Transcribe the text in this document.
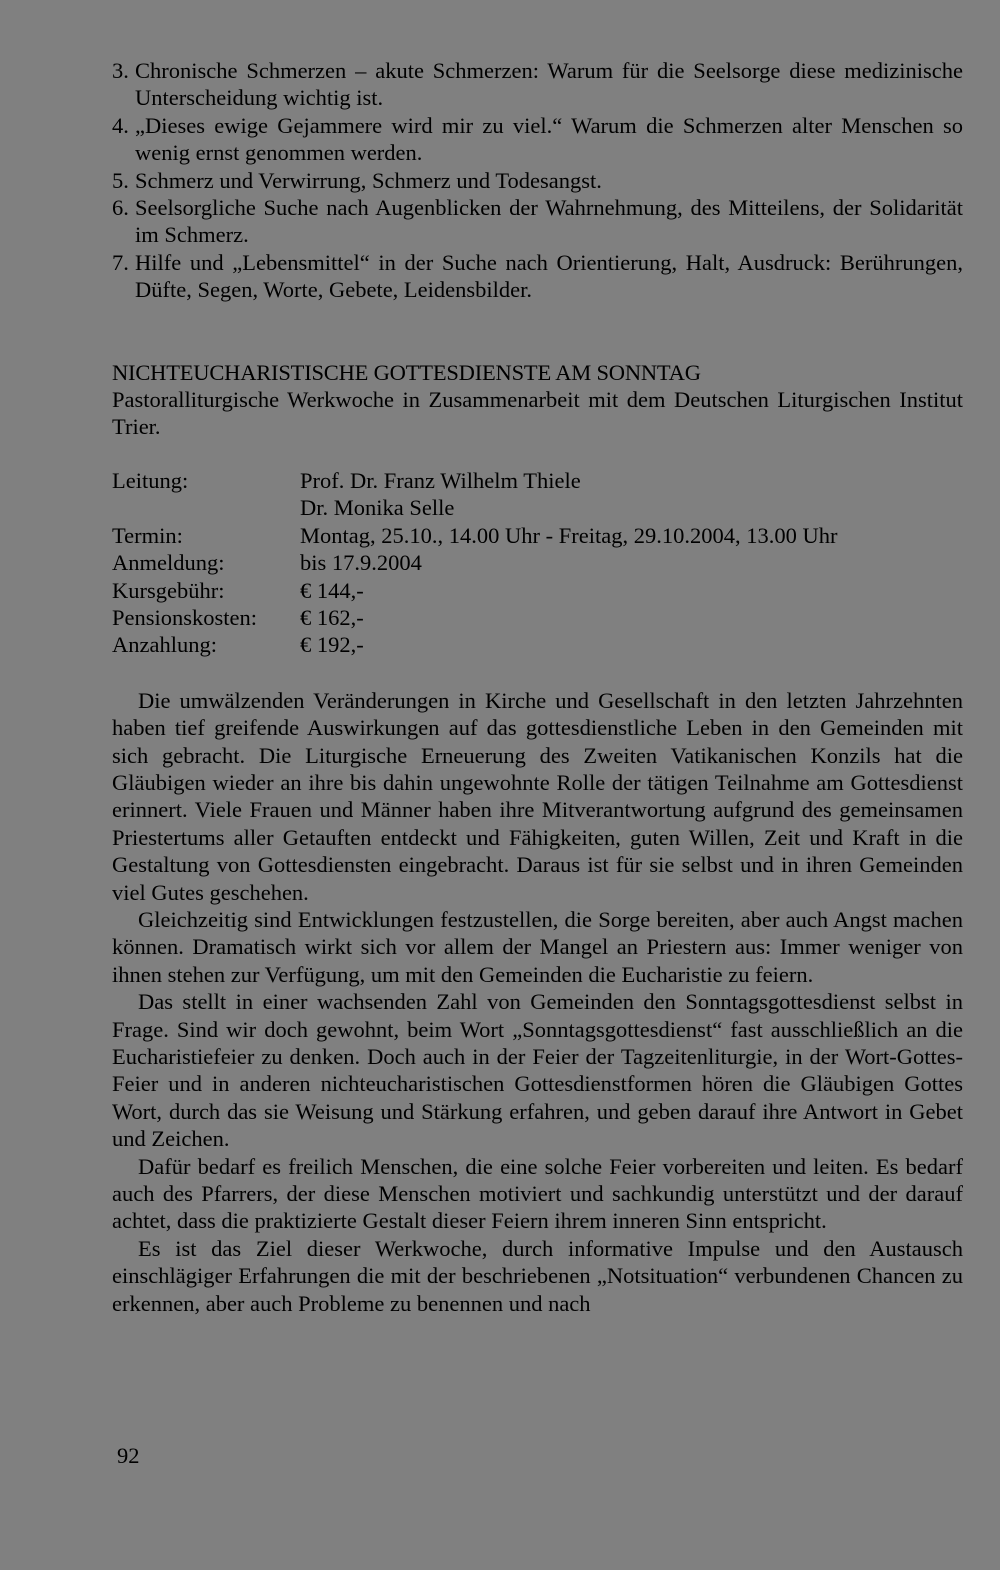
3. Chronische Schmerzen – akute Schmerzen: Warum für die Seelsorge diese medizinische Unterscheidung wichtig ist.
4. „Dieses ewige Gejammere wird mir zu viel.“ Warum die Schmerzen alter Menschen so wenig ernst genommen werden.
5. Schmerz und Verwirrung, Schmerz und Todesangst.
6. Seelsorgliche Suche nach Augenblicken der Wahrnehmung, des Mitteilens, der Solidarität im Schmerz.
7. Hilfe und „Lebensmittel“ in der Suche nach Orientierung, Halt, Ausdruck: Berührungen, Düfte, Segen, Worte, Gebete, Leidensbilder.
NICHTEUCHARISTISCHE GOTTESDIENSTE AM SONNTAG
Pastoralliturgische Werkwoche in Zusammenarbeit mit dem Deutschen Liturgischen Institut Trier.
Leitung:	Prof. Dr. Franz Wilhelm Thiele
Dr. Monika Selle

Termin:	Montag, 25.10., 14.00 Uhr - Freitag, 29.10.2004, 13.00 Uhr
Anmeldung:	bis 17.9.2004
Kursgebühr:	€ 144,-
Pensionskosten:	€ 162,-
Anzahlung:	€ 192,-

Die umwälzenden Veränderungen in Kirche und Gesellschaft in den letzten Jahrzehnten haben tief greifende Auswirkungen auf das gottesdienstliche Leben in den Gemeinden mit sich gebracht. Die Liturgische Erneuerung des Zweiten Vatikanischen Konzils hat die Gläubigen wieder an ihre bis dahin ungewohnte Rolle der tätigen Teilnahme am Gottesdienst erinnert. Viele Frauen und Männer haben ihre Mitverantwortung aufgrund des gemeinsamen Priestertums aller Getauften entdeckt und Fähigkeiten, guten Willen, Zeit und Kraft in die Gestaltung von Gottesdiensten eingebracht. Daraus ist für sie selbst und in ihren Gemeinden viel Gutes geschehen.

Gleichzeitig sind Entwicklungen festzustellen, die Sorge bereiten, aber auch Angst machen können. Dramatisch wirkt sich vor allem der Mangel an Priestern aus: Immer weniger von ihnen stehen zur Verfügung, um mit den Gemeinden die Eucharistie zu feiern.

Das stellt in einer wachsenden Zahl von Gemeinden den Sonntagsgottesdienst selbst in Frage. Sind wir doch gewohnt, beim Wort „Sonntagsgottesdienst“ fast ausschließlich an die Eucharistiefeier zu denken. Doch auch in der Feier der Tagzeitenliturgie, in der Wort-Gottes-Feier und in anderen nichteucharistischen Gottesdienstformen hören die Gläubigen Gottes Wort, durch das sie Weisung und Stärkung erfahren, und geben darauf ihre Antwort in Gebet und Zeichen.

Dafür bedarf es freilich Menschen, die eine solche Feier vorbereiten und leiten. Es bedarf auch des Pfarrers, der diese Menschen motiviert und sachkundig unterstützt und der darauf achtet, dass die praktizierte Gestalt dieser Feiern ihrem inneren Sinn entspricht.

Es ist das Ziel dieser Werkwoche, durch informative Impulse und den Austausch einschlägiger Erfahrungen die mit der beschriebenen „Notsituation“ verbundenen Chancen zu erkennen, aber auch Probleme zu benennen und nach

92
